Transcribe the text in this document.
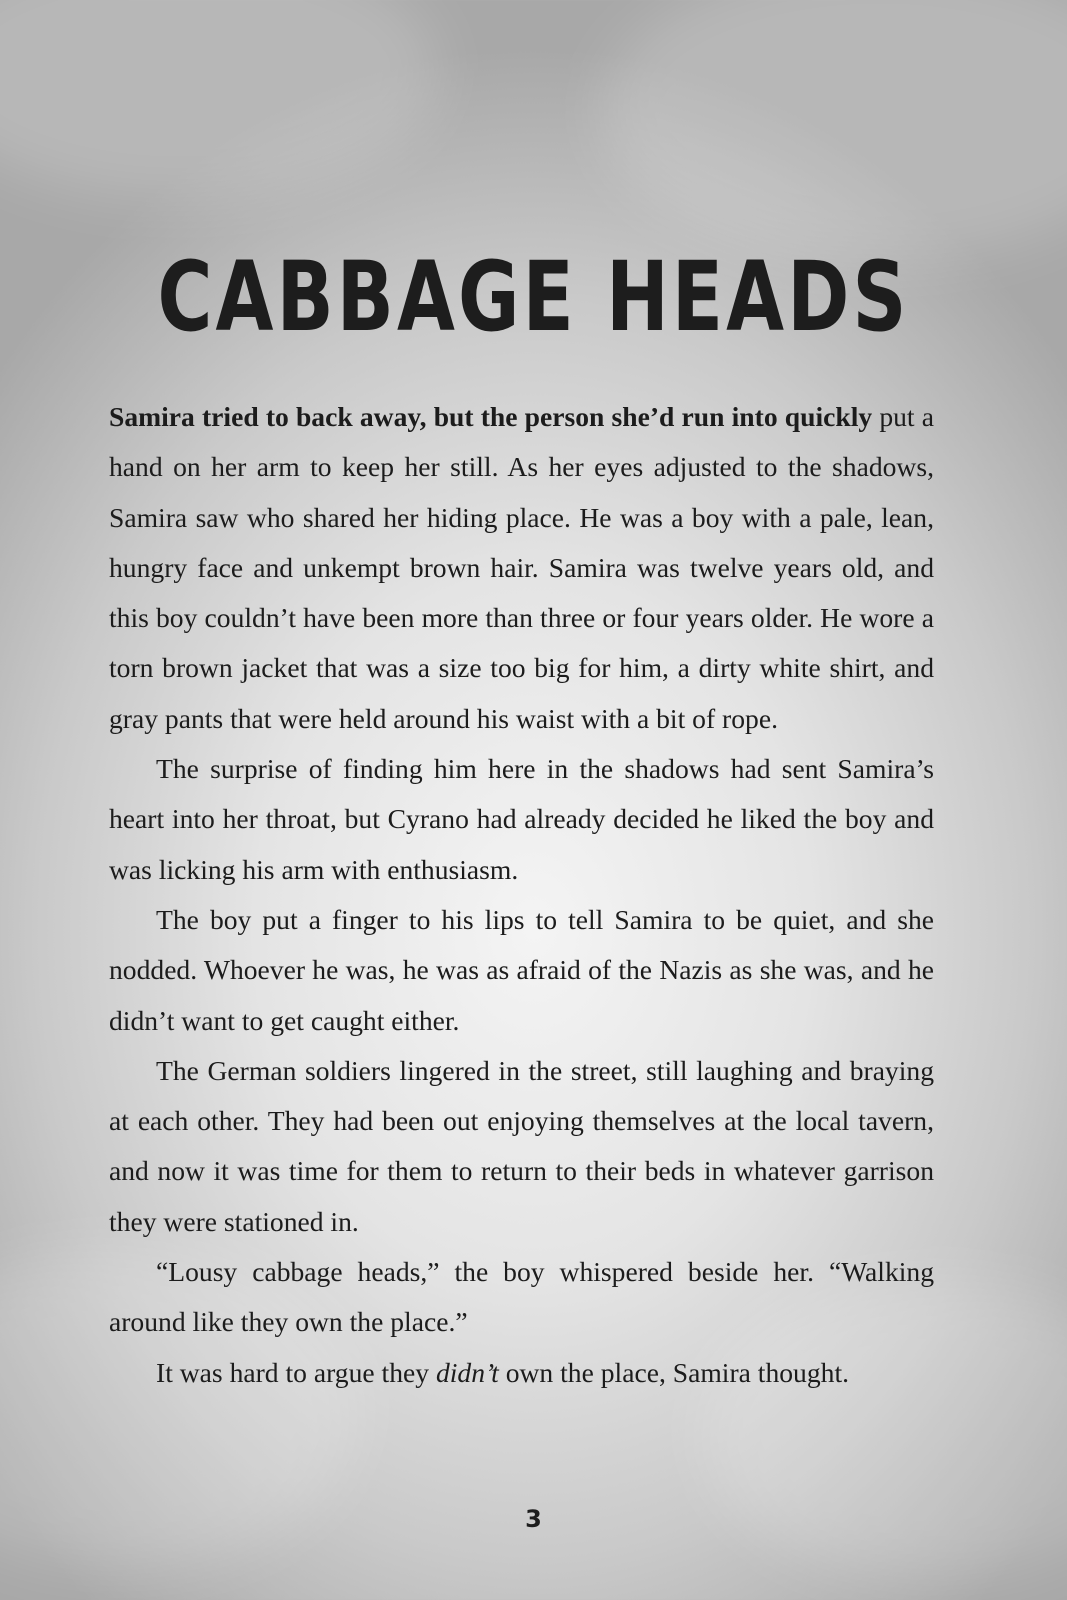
CABBAGE HEADS

Samira tried to back away, but the person she’d run into quickly put a hand on her arm to keep her still. As her eyes adjusted to the shadows, Samira saw who shared her hiding place. He was a boy with a pale, lean, hungry face and unkempt brown hair. Samira was twelve years old, and this boy couldn’t have been more than three or four years older. He wore a torn brown jacket that was a size too big for him, a dirty white shirt, and gray pants that were held around his waist with a bit of rope.

The surprise of finding him here in the shadows had sent Samira’s heart into her throat, but Cyrano had already decided he liked the boy and was licking his arm with enthusiasm.

The boy put a finger to his lips to tell Samira to be quiet, and she nodded. Whoever he was, he was as afraid of the Nazis as she was, and he didn’t want to get caught either.

The German soldiers lingered in the street, still laughing and braying at each other. They had been out enjoying themselves at the local tavern, and now it was time for them to return to their beds in whatever garrison they were stationed in.

“Lousy cabbage heads,” the boy whispered beside her. “Walking around like they own the place.”

It was hard to argue they didn’t own the place, Samira thought.

3
